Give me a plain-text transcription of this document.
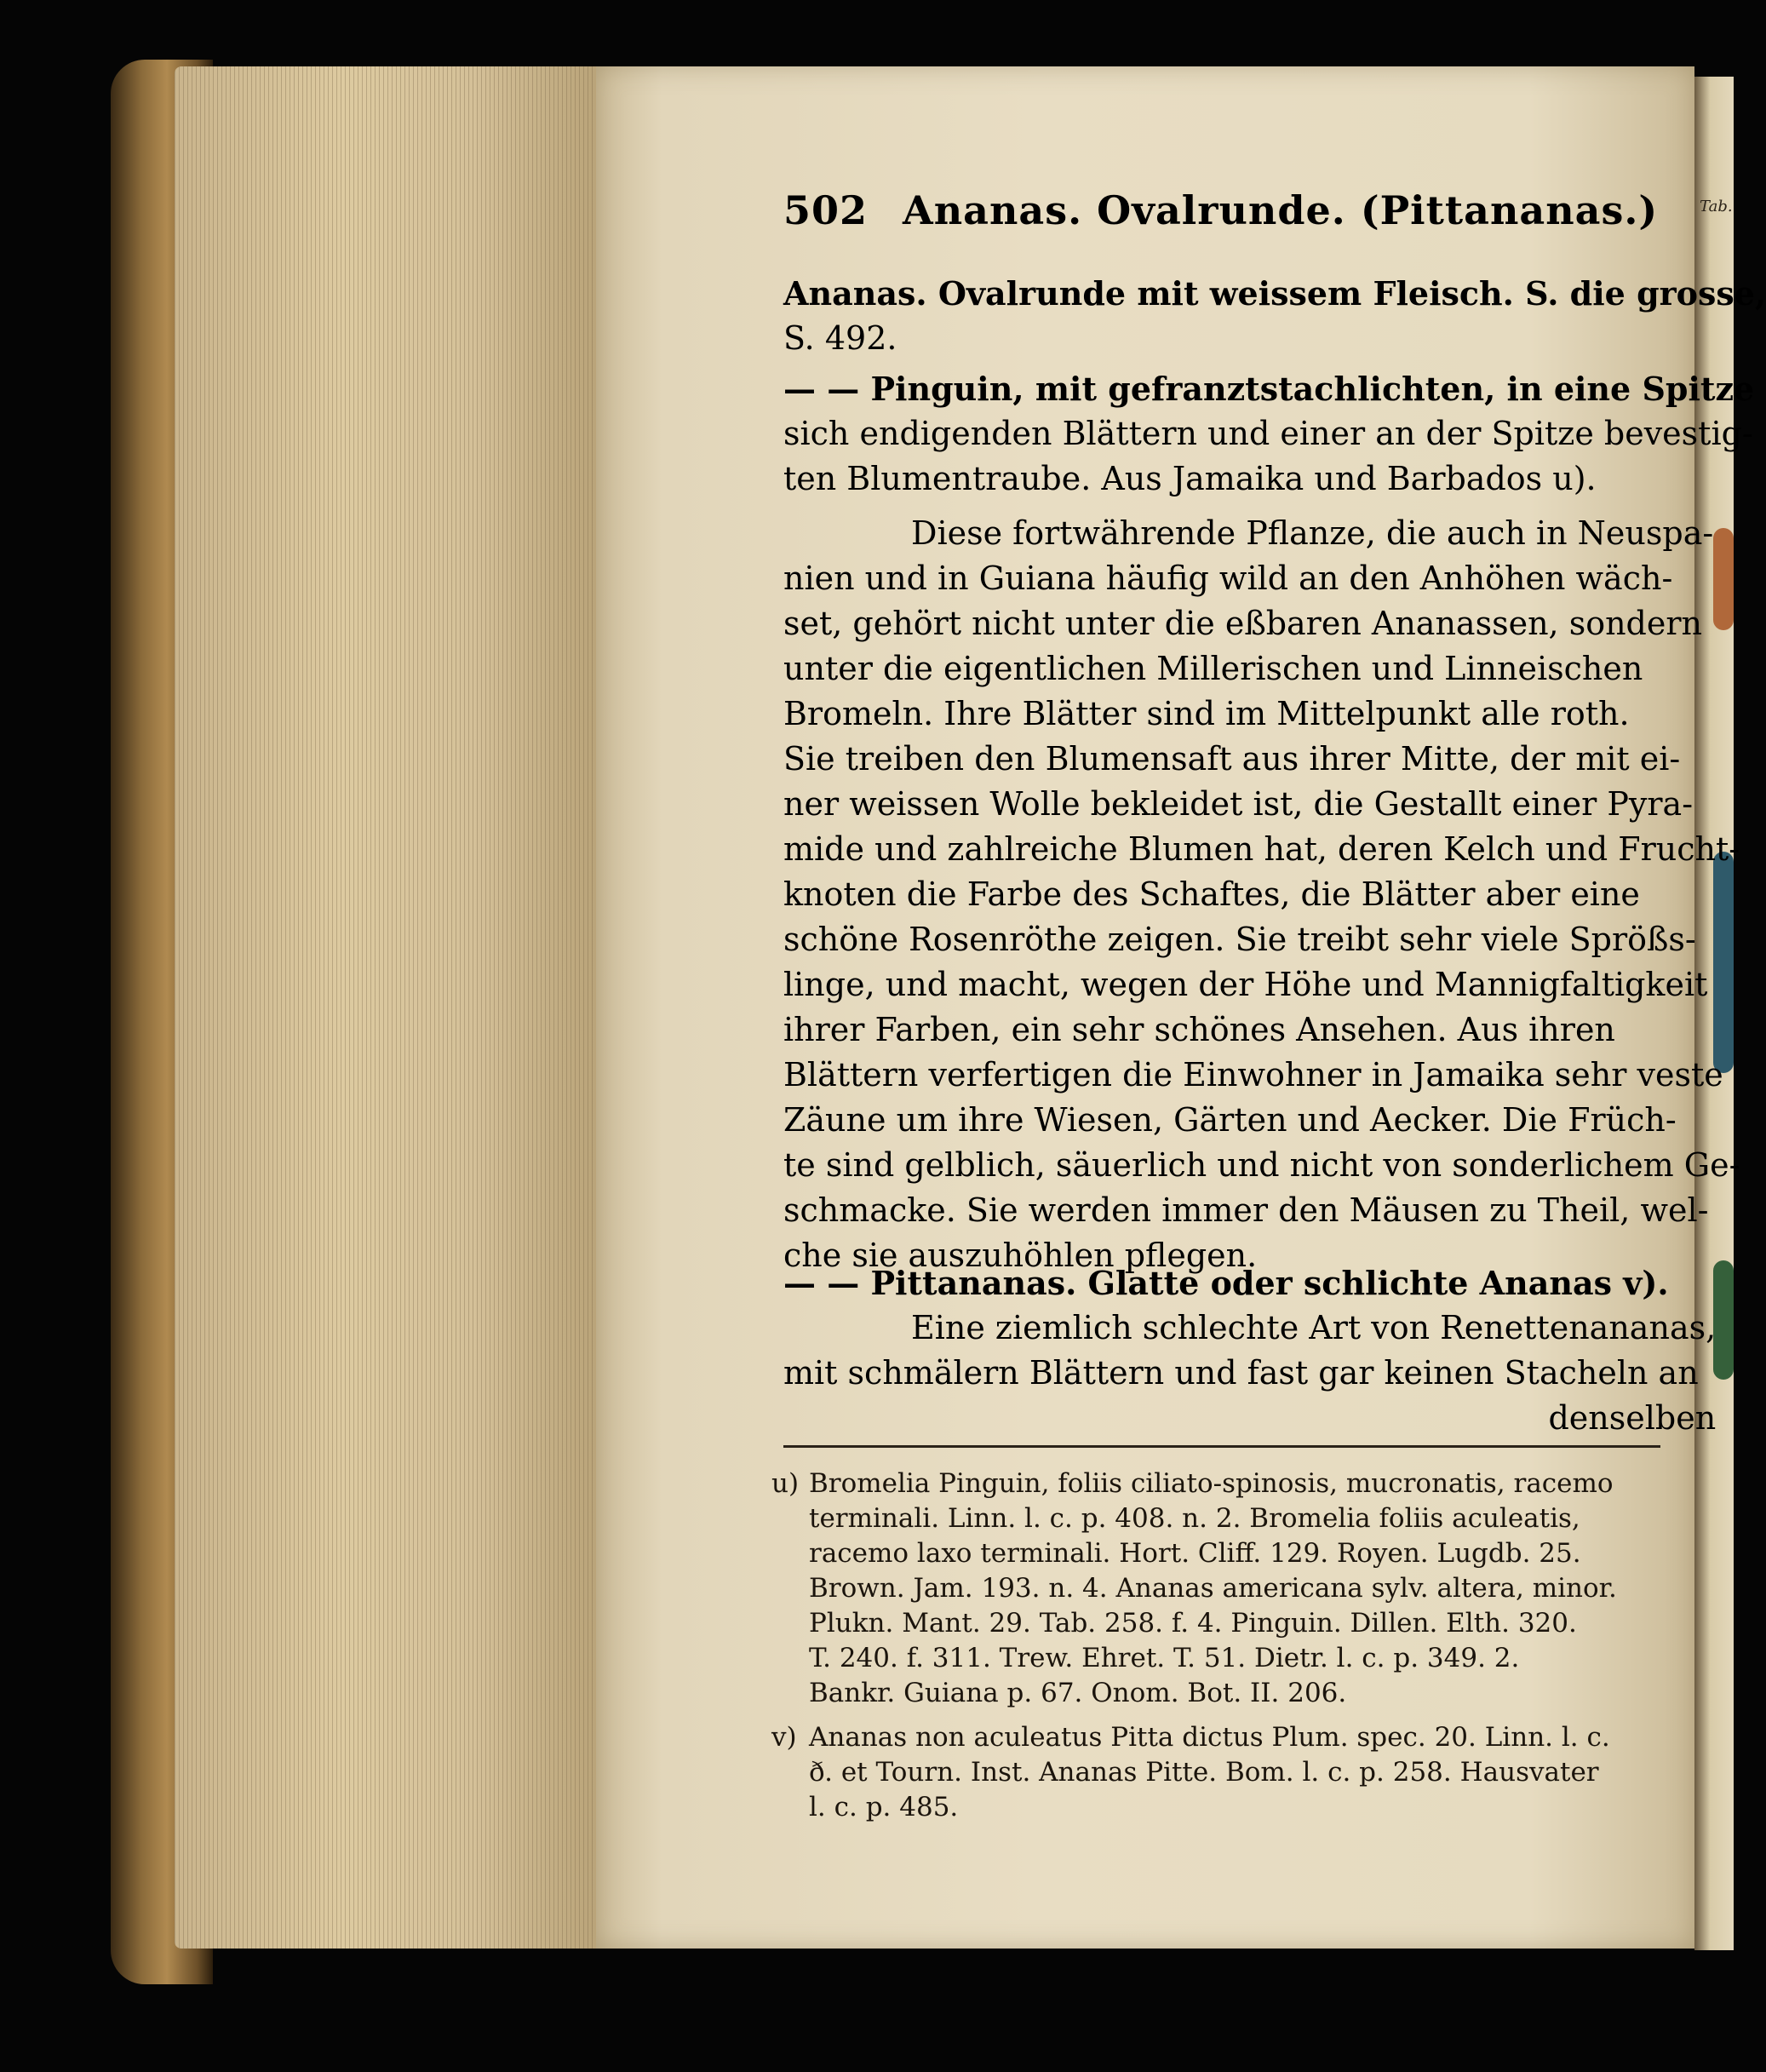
Tab.
502 Ananas. Ovalrunde. (Pittananas.)
Ananas. Ovalrunde mit weissem Fleisch. S. die grosse,
S. 492.
— — Pinguin, mit gefranztstachlichten, in eine Spitze
sich endigenden Blättern und einer an der Spitze bevestig-
ten Blumentraube. Aus Jamaika und Barbados u).
Diese fortwährende Pflanze, die auch in Neuspa-
nien und in Guiana häufig wild an den Anhöhen wäch-
set, gehört nicht unter die eßbaren Ananassen, sondern
unter die eigentlichen Millerischen und Linneischen
Bromeln. Ihre Blätter sind im Mittelpunkt alle roth.
Sie treiben den Blumensaft aus ihrer Mitte, der mit ei-
ner weissen Wolle bekleidet ist, die Gestallt einer Pyra-
mide und zahlreiche Blumen hat, deren Kelch und Frucht-
knoten die Farbe des Schaftes, die Blätter aber eine
schöne Rosenröthe zeigen. Sie treibt sehr viele Sprößs-
linge, und macht, wegen der Höhe und Mannigfaltigkeit
ihrer Farben, ein sehr schönes Ansehen. Aus ihren
Blättern verfertigen die Einwohner in Jamaika sehr veste
Zäune um ihre Wiesen, Gärten und Aecker. Die Früch-
te sind gelblich, säuerlich und nicht von sonderlichem Ge-
schmacke. Sie werden immer den Mäusen zu Theil, wel-
che sie auszuhöhlen pflegen.
— — Pittananas. Glatte oder schlichte Ananas v).
Eine ziemlich schlechte Art von Renettenananas,
mit schmälern Blättern und fast gar keinen Stacheln an
denselben
u) Bromelia Pinguin, foliis ciliato-spinosis, mucronatis, racemo
terminali. Linn. l. c. p. 408. n. 2. Bromelia foliis aculeatis,
racemo laxo terminali. Hort. Cliff. 129. Royen. Lugdb. 25.
Brown. Jam. 193. n. 4. Ananas americana sylv. altera, minor.
Plukn. Mant. 29. Tab. 258. f. 4. Pinguin. Dillen. Elth. 320.
T. 240. f. 311. Trew. Ehret. T. 51. Dietr. l. c. p. 349. 2.
Bankr. Guiana p. 67. Onom. Bot. II. 206.
v) Ananas non aculeatus Pitta dictus Plum. spec. 20. Linn. l. c.
ð. et Tourn. Inst. Ananas Pitte. Bom. l. c. p. 258. Hausvater
l. c. p. 485.
